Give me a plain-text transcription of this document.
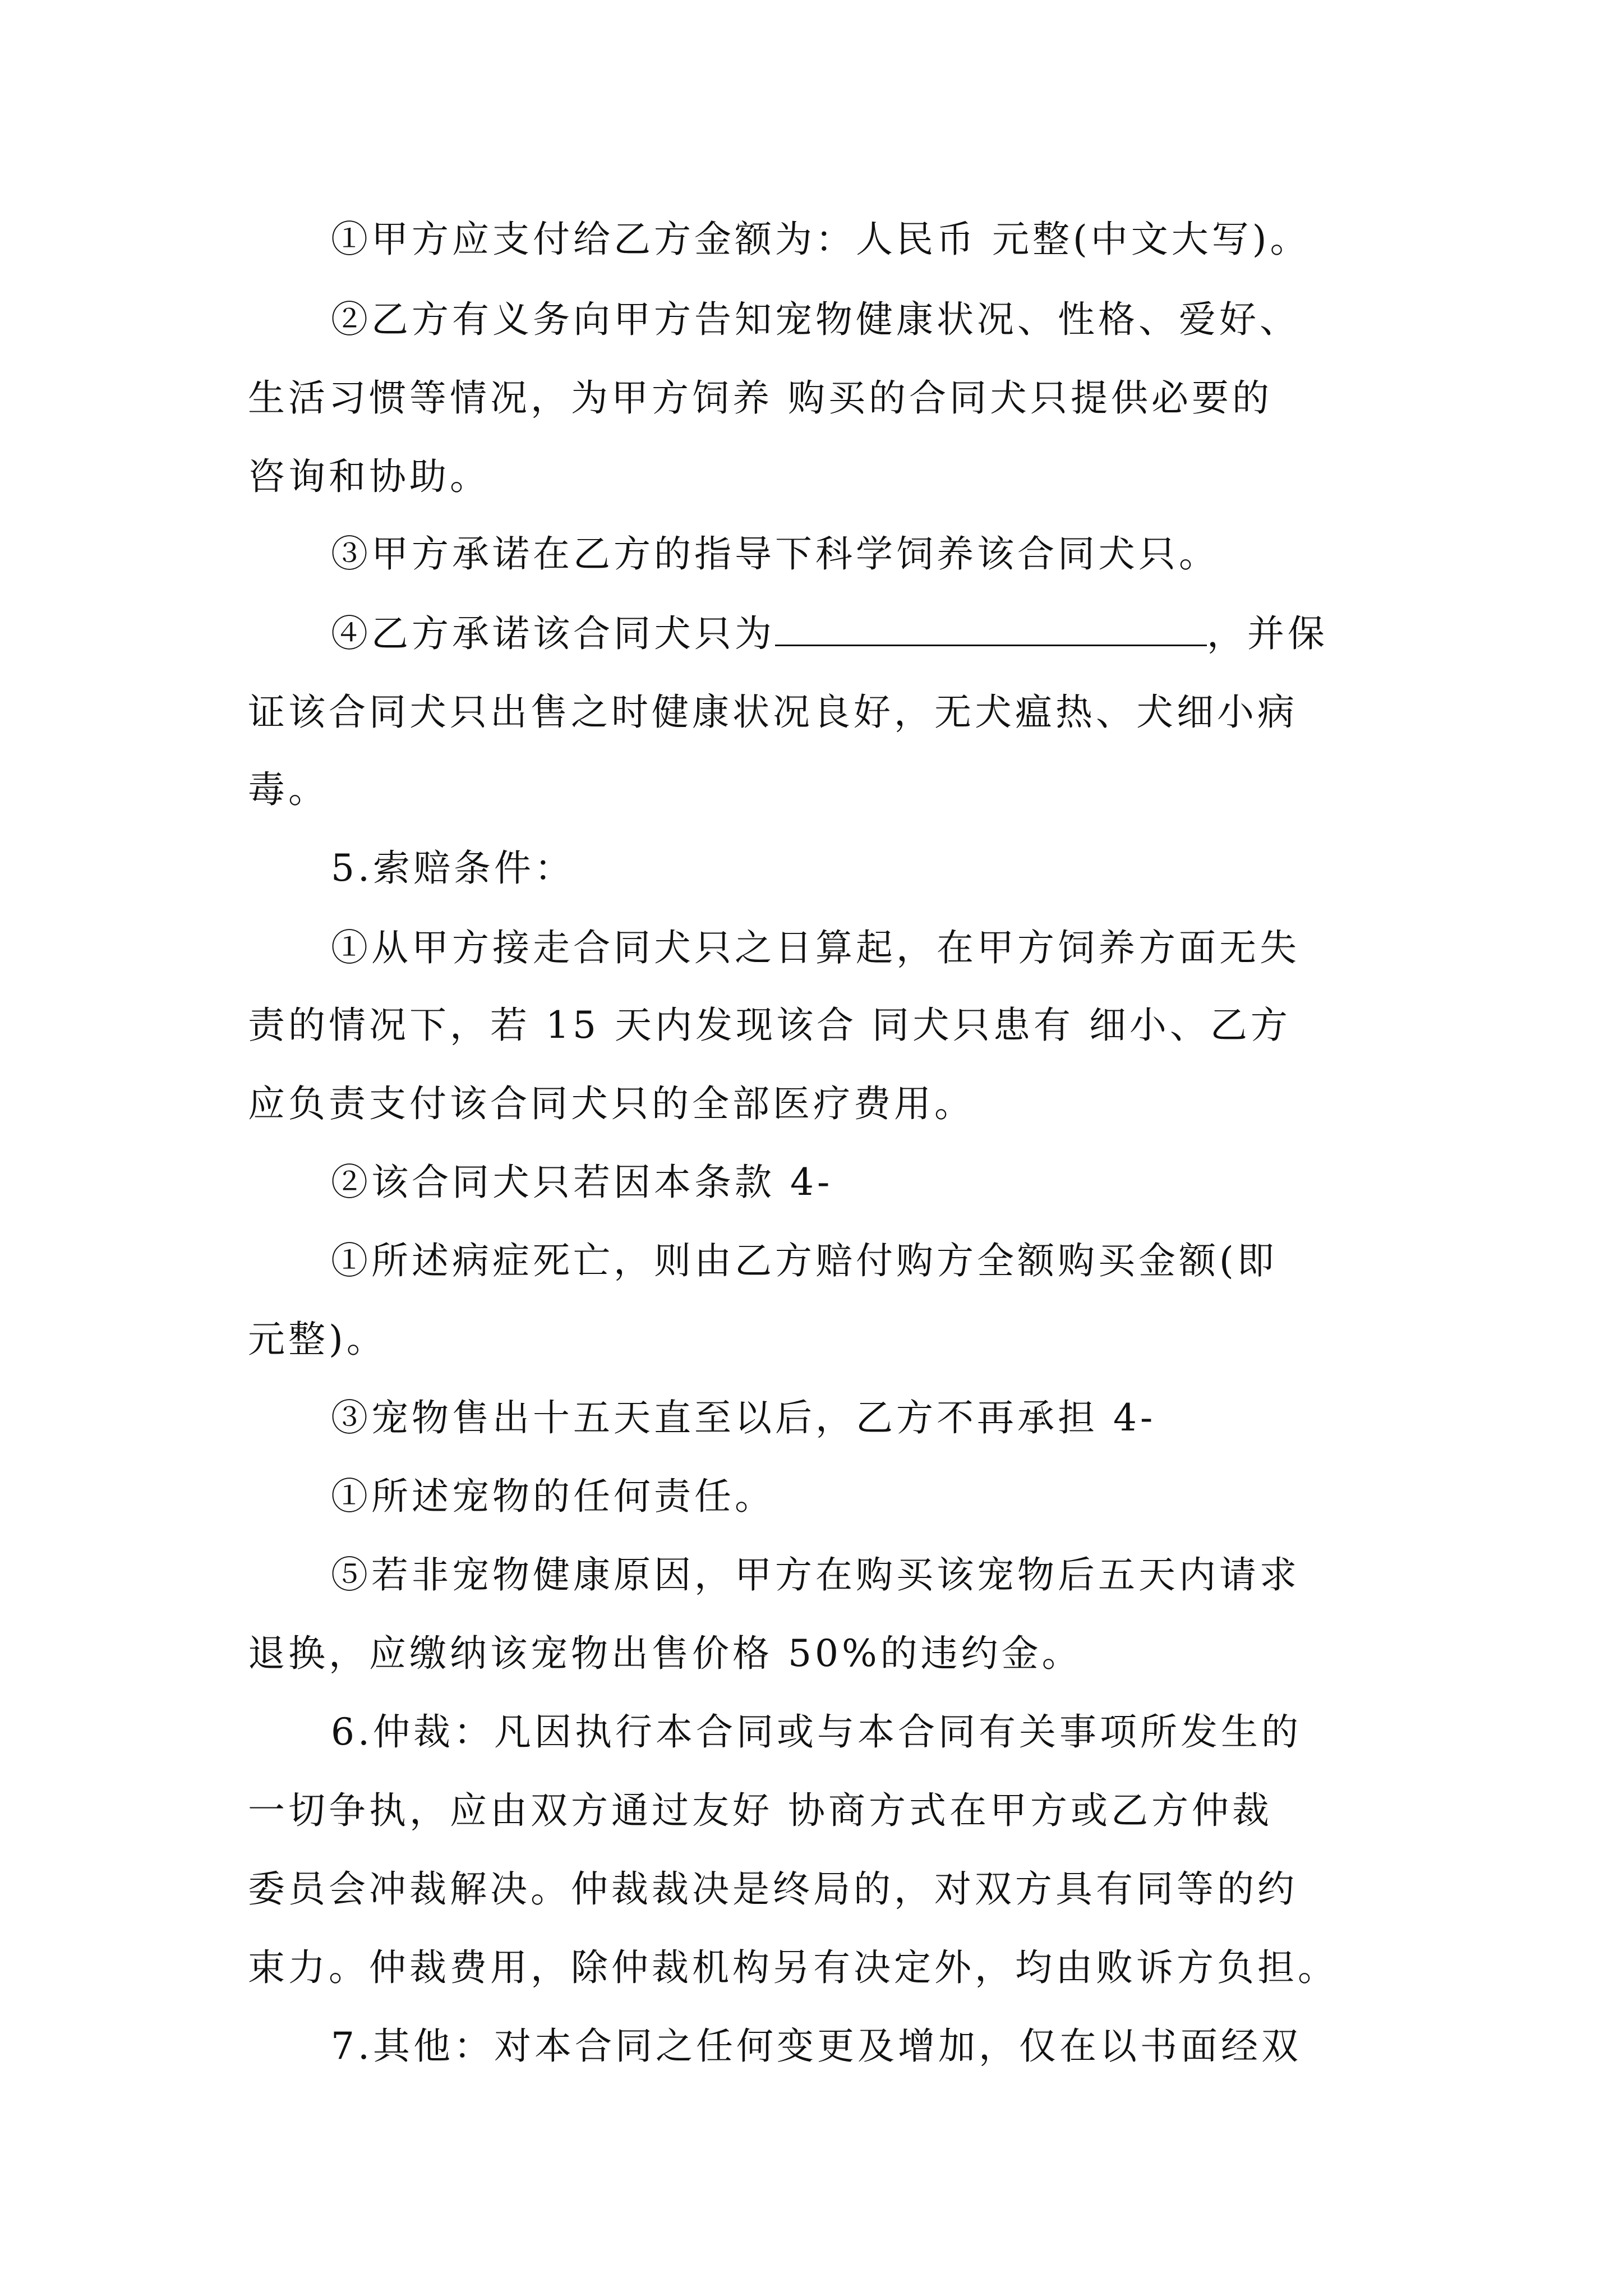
①甲方应支付给乙方金额为：人民币 元整(中文大写)。
②乙方有义务向甲方告知宠物健康状况、性格、爱好、
生活习惯等情况，为甲方饲养 购买的合同犬只提供必要的
咨询和协助。
③甲方承诺在乙方的指导下科学饲养该合同犬只。
④乙方承诺该合同犬只为	，并保
证该合同犬只出售之时健康状况良好，无犬瘟热、犬细小病
毒。
5.索赔条件：
①从甲方接走合同犬只之日算起，在甲方饲养方面无失
责的情况下，若 15 天内发现该合 同犬只患有 细小、乙方
应负责支付该合同犬只的全部医疗费用。
②该合同犬只若因本条款 4-
①所述病症死亡，则由乙方赔付购方全额购买金额(即
元整)。
③宠物售出十五天直至以后，乙方不再承担 4-
①所述宠物的任何责任。
⑤若非宠物健康原因，甲方在购买该宠物后五天内请求
退换，应缴纳该宠物出售价格 50%的违约金。
6.仲裁：凡因执行本合同或与本合同有关事项所发生的
一切争执，应由双方通过友好 协商方式在甲方或乙方仲裁
委员会冲裁解决。仲裁裁决是终局的，对双方具有同等的约
束力。仲裁费用，除仲裁机构另有决定外，均由败诉方负担。
7.其他：对本合同之任何变更及增加，仅在以书面经双
